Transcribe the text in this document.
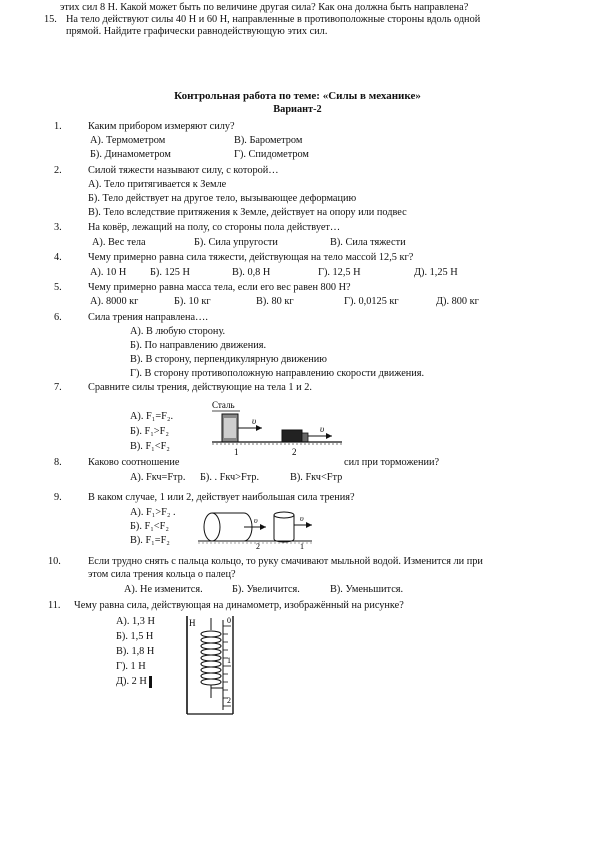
этих сил 8 Н. Какой может быть по величине другая сила? Как она должна быть направлена?
15. На тело действуют силы 40 Н и 60 Н, направленные в противоположные стороны вдоль одной
прямой. Найдите графически равнодействующую этих сил.
Контрольная работа по теме: «Силы в механике»
Вариант-2
1.	Каким прибором измеряют силу?
А). Термометром	В). Барометром
Б). Динамометром	Г). Спидометром
2.	Силой тяжести называют силу, с которой…
А). Тело притягивается к Земле
Б). Тело действует на другое тело, вызывающее деформацию
В). Тело вследствие притяжения к Земле, действует на опору или подвес
3.	На ковёр, лежащий на полу, со стороны пола действует…
А). Вес тела	Б). Сила упругости	В). Сила тяжести
4.	Чему примерно равна сила тяжести, действующая на тело массой 12,5 кг?
А). 10 Н Б). 125 Н	В). 0,8 Н	Г). 12,5 Н	Д). 1,25 Н
5.	Чему примерно равна масса тела, если его вес равен 800 Н?
А). 8000 кг	Б). 10 кг	В). 80 кг	Г). 0,0125 кг	Д). 800 кг
6.	Сила трения направлена….
А). В любую сторону.
Б). По направлению движения.
В). В сторону, перпендикулярную движению
Г). В сторону противоположную направлению скорости движения.
7.	Сравните силы трения, действующие на тела 1 и 2.
А). F₁=F₂.
Б). F₁>F₂
В). F₁<F₂
Сталь
υ
υ
1	2
8.	Каково соотношение	сил при торможении?
А). Fкч=Fтр. Б). . Fкч>Fтр.	В). Fкч<Fтр
9.	В каком случае, 1 или 2, действует наибольшая сила трения?
А). F₁>F₂ .
Б). F₁<F₂
В). F₁=F₂
υ
2
υ
1
10.	Если трудно снять с пальца кольцо, то руку смачивают мыльной водой. Изменится ли при
этом сила трения кольца о палец?
А). Не изменится.	Б). Увеличится.	В). Уменьшится.
11. Чему равна сила, действующая на динамометр, изображённый на рисунке?
А). 1,3 Н
Б). 1,5 Н
В). 1,8 Н
Г). 1 Н
Д). 2 Н
Н	0
1
2
